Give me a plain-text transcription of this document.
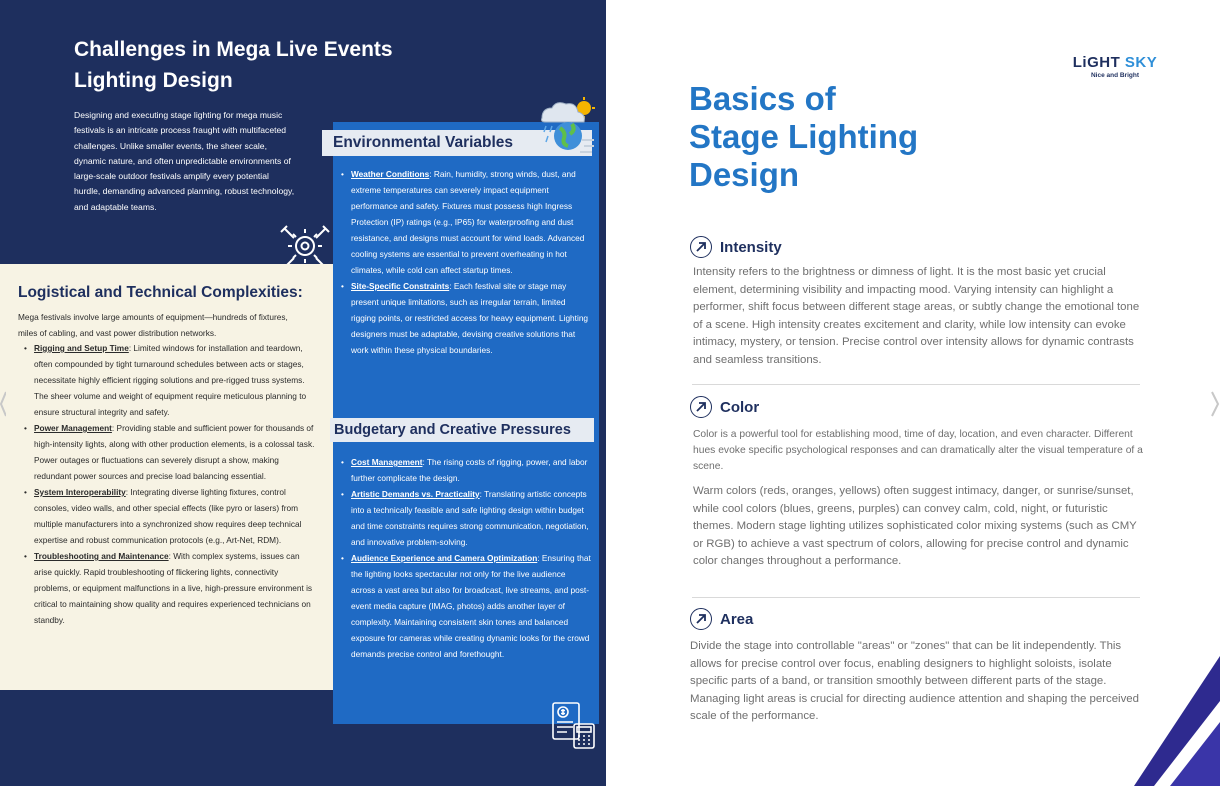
Challenges in Mega Live Events Lighting Design

Designing and executing stage lighting for mega music festivals is an intricate process fraught with multifaceted challenges. Unlike smaller events, the sheer scale, dynamic nature, and often unpredictable environments of large-scale outdoor festivals amplify every potential hurdle, demanding advanced planning, robust technology, and adaptable teams.

Logistical and Technical Complexities:

Mega festivals involve large amounts of equipment—hundreds of fixtures, miles of cabling, and vast power distribution networks.

• Rigging and Setup Time: Limited windows for installation and teardown, often compounded by tight turnaround schedules between acts or stages, necessitate highly efficient rigging solutions and pre-rigged truss systems. The sheer volume and weight of equipment require meticulous planning to ensure structural integrity and safety.
• Power Management: Providing stable and sufficient power for thousands of high-intensity lights, along with other production elements, is a colossal task. Power outages or fluctuations can severely disrupt a show, making redundant power sources and precise load balancing essential.
• System Interoperability: Integrating diverse lighting fixtures, control consoles, video walls, and other special effects (like pyro or lasers) from multiple manufacturers into a synchronized show requires deep technical expertise and robust communication protocols (e.g., Art-Net, RDM).
• Troubleshooting and Maintenance: With complex systems, issues can arise quickly. Rapid troubleshooting of flickering lights, connectivity problems, or equipment malfunctions in a live, high-pressure environment is critical to maintaining show quality and requires experienced technicians on standby.
Environmental Variables
• Weather Conditions: Rain, humidity, strong winds, dust, and extreme temperatures can severely impact equipment performance and safety. Fixtures must possess high Ingress Protection (IP) ratings (e.g., IP65) for waterproofing and dust resistance, and designs must account for wind loads. Advanced cooling systems are essential to prevent overheating in hot climates, while cold can affect startup times.
• Site-Specific Constraints: Each festival site or stage may present unique limitations, such as irregular terrain, limited rigging points, or restricted access for heavy equipment. Lighting designers must be adaptable, devising creative solutions that work within these physical boundaries.
Budgetary and Creative Pressures
• Cost Management: The rising costs of rigging, power, and labor further complicate the design.
• Artistic Demands vs. Practicality: Translating artistic concepts into a technically feasible and safe lighting design within budget and time constraints requires strong communication, negotiation, and innovative problem-solving.
• Audience Experience and Camera Optimization: Ensuring that the lighting looks spectacular not only for the live audience across a vast area but also for broadcast, live streams, and post-event media capture (IMAG, photos) adds another layer of complexity. Maintaining consistent skin tones and balanced exposure for cameras while creating dynamic looks for the crowd demands precise control and forethought.
LiGHT SKY
Nice and Bright
Basics of
Stage Lighting
Design
Intensity

Intensity refers to the brightness or dimness of light. It is the most basic yet crucial element, determining visibility and impacting mood. Varying intensity can highlight a performer, shift focus between different stage areas, or subtly change the emotional tone of a scene. High intensity creates excitement and clarity, while low intensity can evoke intimacy, mystery, or tension. Precise control over intensity allows for dynamic contrasts and seamless transitions.

Color

Color is a powerful tool for establishing mood, time of day, location, and even character. Different hues evoke specific psychological responses and can dramatically alter the visual temperature of a scene.

Warm colors (reds, oranges, yellows) often suggest intimacy, danger, or sunrise/sunset, while cool colors (blues, greens, purples) can convey calm, cold, night, or futuristic themes. Modern stage lighting utilizes sophisticated color mixing systems (such as CMY or RGB) to achieve a vast spectrum of colors, allowing for precise control and dynamic color changes throughout a performance.

Area

Divide the stage into controllable "areas" or "zones" that can be lit independently. This allows for precise control over focus, enabling designers to highlight soloists, isolate specific parts of a band, or transition smoothly between different parts of the stage. Managing light areas is crucial for directing audience attention and shaping the perceived scale of the performance.
